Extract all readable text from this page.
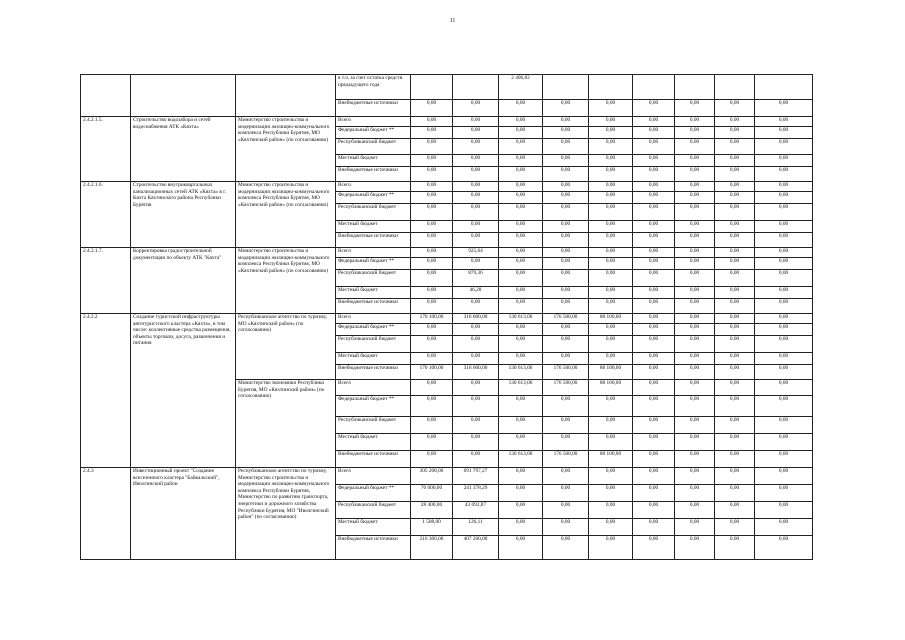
11
			в т.ч. за счет остатка средств предыдущего года			2 406,82						
			Внебюджетные источники	0,00	0,00	0,00	0,00	0,00	0,00	0,00	0,00	0,00
2.4.2.1.5.	Строительство водозабора и сетей водоснабжения АТК «Кяхта»	Министерство строительства и модернизации жилищно-коммунального комплекса Республики Бурятия, МО «Кяхтинский район» (по согласованию)	Всего	0,00	0,00	0,00	0,00	0,00	0,00	0,00	0,00	0,00
			Федеральный бюджет **	0,00	0,00	0,00	0,00	0,00	0,00	0,00	0,00	0,00
			Республиканский бюджет	0,00	0,00	0,00	0,00	0,00	0,00	0,00	0,00	0,00
			Местный бюджет	0,00	0,00	0,00	0,00	0,00	0,00	0,00	0,00	0,00
			Внебюджетные источники	0,00	0,00	0,00	0,00	0,00	0,00	0,00	0,00	0,00
2.4.2.1.6.	Строительство внутриквартальных канализационных сетей АТК «Кяхта» в г. Кяхта Кяхтинского района Республики Бурятия	Министерство строительства и модернизации жилищно-коммунального комплекса Республики Бурятия, МО «Кяхтинский район» (по согласованию)	Всего	0,00	0,00	0,00	0,00	0,00	0,00	0,00	0,00	0,00
			Федеральный бюджет **	0,00	0,00	0,00	0,00	0,00	0,00	0,00	0,00	0,00
			Республиканский бюджет	0,00	0,00	0,00	0,00	0,00	0,00	0,00	0,00	0,00
			Местный бюджет	0,00	0,00	0,00	0,00	0,00	0,00	0,00	0,00	0,00
			Внебюджетные источники	0,00	0,00	0,00	0,00	0,00	0,00	0,00	0,00	0,00
2.4.2.1.7.	Корректировка градостроительной документации по объекту АТК "Кяхта"	Министерство строительства и модернизации жилищно-коммунального комплекса Республики Бурятия, МО «Кяхтинский район» (по согласованию)	Всего	0,00	925,64	0,00	0,00	0,00	0,00	0,00	0,00	0,00
			Федеральный бюджет **	0,00	0,00	0,00	0,00	0,00	0,00	0,00	0,00	0,00
			Республиканский бюджет	0,00	879,36	0,00	0,00	0,00	0,00	0,00	0,00	0,00
			Местный бюджет	0,00	46,28	0,00	0,00	0,00	0,00	0,00	0,00	0,00
			Внебюджетные источники	0,00	0,00	0,00	0,00	0,00	0,00	0,00	0,00	0,00
2.4.2.2	Создание туристской инфраструктуры автотуристского кластера «Кяхта», в том числе: коллективные средства размещения, объекты торговли, досуга, развлечения и питания	Республиканское агентство по туризму, МО «Кяхтинский район» (по согласованию)	Всего	170 100,00	316 600,00	130 613,00	176 500,00	88 100,00	0,00	0,00	0,00	0,00
			Федеральный бюджет **	0,00	0,00	0,00	0,00	0,00	0,00	0,00	0,00	0,00
			Республиканский бюджет	0,00	0,00	0,00	0,00	0,00	0,00	0,00	0,00	0,00
			Местный бюджет	0,00	0,00	0,00	0,00	0,00	0,00	0,00	0,00	0,00
			Внебюджетные источники	170 100,00	316 600,00	130 613,00	176 500,00	88 100,00	0,00	0,00	0,00	0,00
		Министерство экономики Республики Бурятия, МО «Кяхтинский район» (по согласованию)	Всего	0,00	0,00	130 613,00	176 500,00	88 100,00	0,00	0,00	0,00	0,00
			Федеральный бюджет **	0,00	0,00	0,00	0,00	0,00	0,00	0,00	0,00	0,00
			Республиканский бюджет	0,00	0,00	0,00	0,00	0,00	0,00	0,00	0,00	0,00
			Местный бюджет	0,00	0,00	0,00	0,00	0,00	0,00	0,00	0,00	0,00
			Внебюджетные источники	0,00	0,00	130 613,00	176 500,00	88 100,00	0,00	0,00	0,00	0,00
2.4.3	Инвестиционный проект "Создание всесезонного кластера "Байкальский", Иволгинский район	Республиканское агентство по туризму, Министерство строительства и модернизации жилищно-коммунального комплекса Республики Бурятия, Министерство по развитию транспорта, энергетики и дорожного хозяйства Республики Бурятия, МО "Иволгинский район" (по согласованию)	Всего	305 208,00	691 797,27	0,00	0,00	0,00	0,00	0,00	0,00	0,00
			Федеральный бюджет **	70 000,00	241 378,29	0,00	0,00	0,00	0,00	0,00	0,00	0,00
			Республиканский бюджет	28 400,00	43 092,87	0,00	0,00	0,00	0,00	0,00	0,00	0,00
			Местный бюджет	1 508,00	126,11	0,00	0,00	0,00	0,00	0,00	0,00	0,00
			Внебюджетные источники	216 300,00	407 200,00	0,00	0,00	0,00	0,00	0,00	0,00	0,00
